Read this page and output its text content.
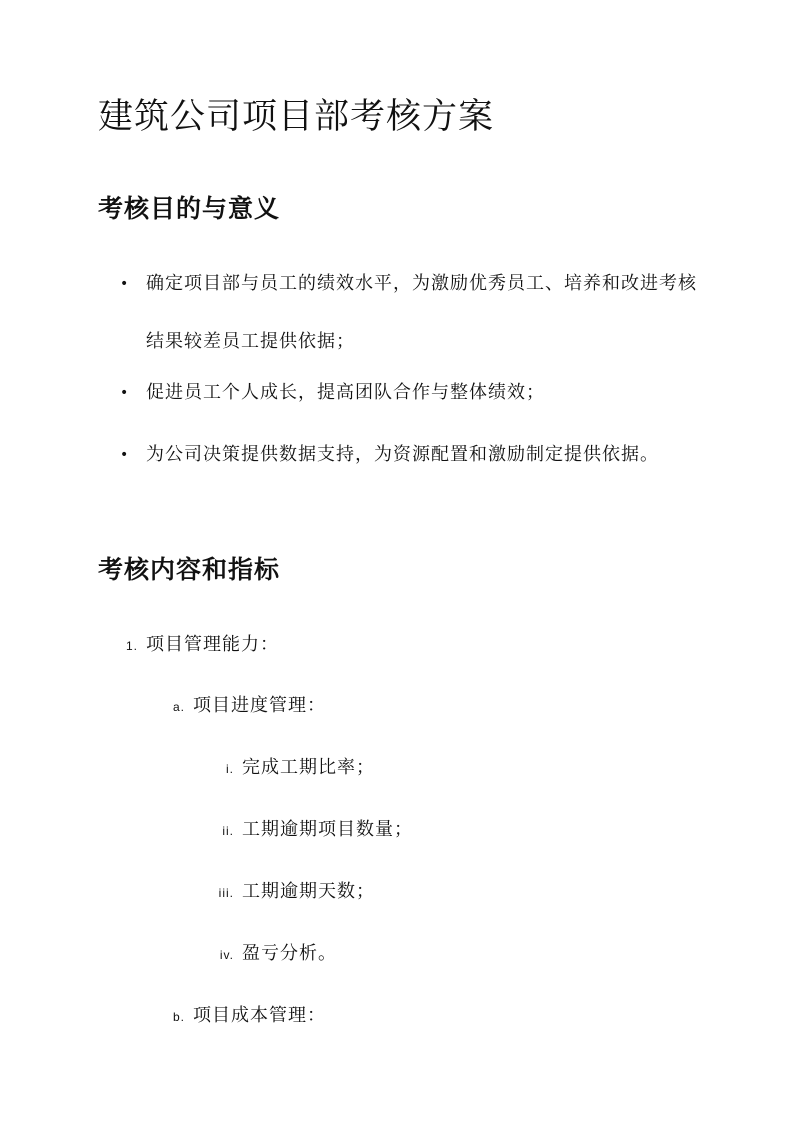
建筑公司项目部考核方案
考核目的与意义
• 确定项目部与员工的绩效水平，为激励优秀员工、培养和改进考核结果较差员工提供依据；
• 促进员工个人成长，提高团队合作与整体绩效；
• 为公司决策提供数据支持，为资源配置和激励制定提供依据。
考核内容和指标
1. 项目管理能力：
a. 项目进度管理：
i. 完成工期比率；
ii. 工期逾期项目数量；
iii. 工期逾期天数；
iv. 盈亏分析。
b. 项目成本管理：
